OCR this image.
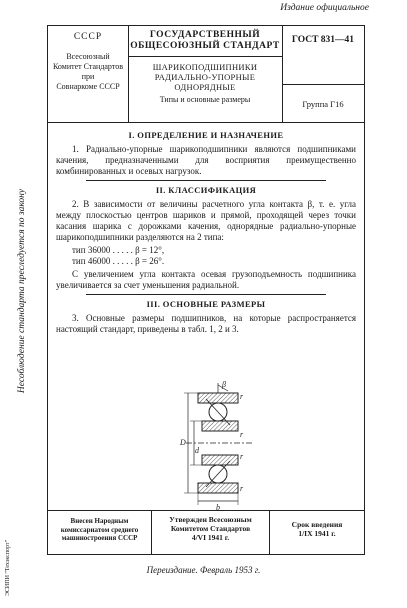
Издание официальное
Несоблюдение стандарта преследуется по закону
ЭСИПИ "Техэкспорт"
СССР
Всесоюзный
Комитет Стандартов
при
Совнаркоме СССР
ГОСУДАРСТВЕННЫЙ
ОБЩЕСОЮЗНЫЙ СТАНДАРТ
ШАРИКОПОДШИПНИКИ
РАДИАЛЬНО-УПОРНЫЕ
ОДНОРЯДНЫЕ
Типы и основные размеры
ГОСТ 831—41
Группа Г16
I. ОПРЕДЕЛЕНИЕ И НАЗНАЧЕНИЕ

1. Радиально-упорные шарикоподшипники являются подшипниками качения, предназначенными для восприятия преимущественно комбинированных и осевых нагрузок.

II. КЛАССИФИКАЦИЯ

2. В зависимости от величины расчетного угла контакта β, т. е. угла между плоскостью центров шариков и прямой, проходящей через точки касания шарика с дорожками качения, однорядные радиально-упорные шарикоподшипники разделяются на 2 типа:

тип 36000 . . . . . β = 12°,
тип 46000 . . . . . β = 26°.

С увеличением угла контакта осевая грузоподъемность подшипника увеличивается за счет уменьшения радиальной.

III. ОСНОВНЫЕ РАЗМЕРЫ

3. Основные размеры подшипников, на которые распространяется настоящий стандарт, приведены в табл. 1, 2 и 3.

β
D
d
r
r
r
r
b
Внесен Народным
комиссариатом среднего
машиностроения СССР
Утвержден Всесоюзным
Комитетом Стандартов
4/VI 1941 г.
Срок введения
1/IX 1941 г.
Переиздание. Февраль 1953 г.
